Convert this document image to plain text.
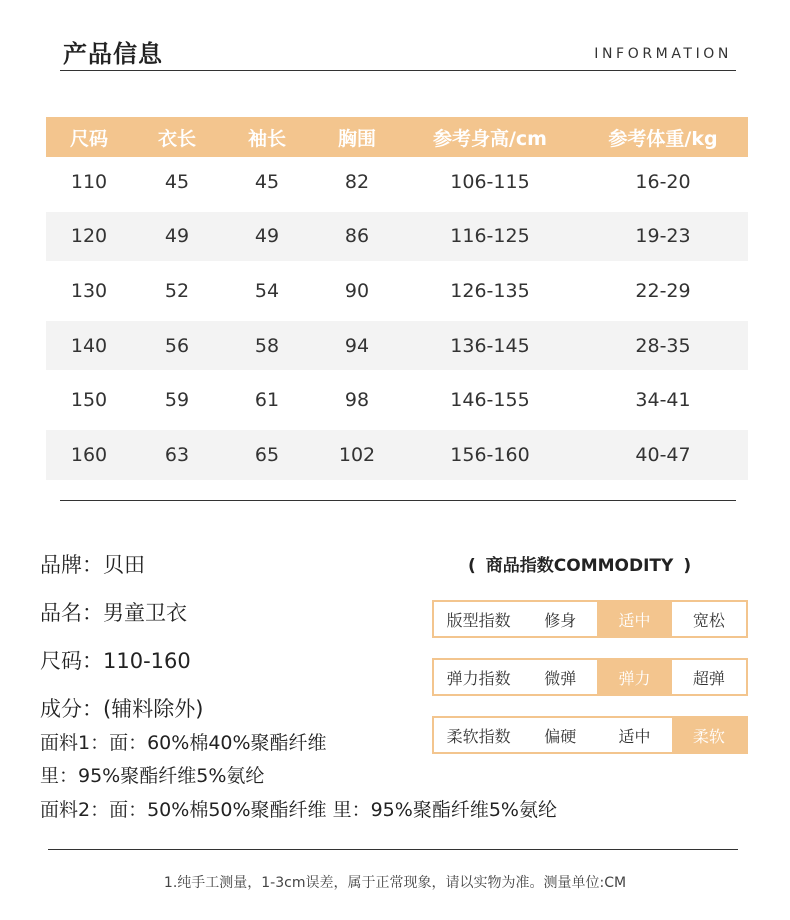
产品信息	INFORMATION
尺码	衣长	袖长	胸围	参考身高/cm	参考体重/kg
110	45	45	82	106-115	16-20
120	49	49	86	116-125	19-23
130	52	54	90	126-135	22-29
140	56	58	94	136-145	28-35
150	59	61	98	146-155	34-41
160	63	65	102	156-160	40-47
品牌：贝田
品名：男童卫衣
尺码：110-160
成分：(辅料除外)
面料1：面：60%棉40%聚酯纤维
里：95%聚酯纤维5%氨纶
面料2：面：50%棉50%聚酯纤维 里：95%聚酯纤维5%氨纶
( 商品指数COMMODITY )
版型指数	修身	适中	宽松
弹力指数	微弹	弹力	超弹
柔软指数	偏硬	适中	柔软
1.纯手工测量，1-3cm误差，属于正常现象，请以实物为准。测量单位:CM
